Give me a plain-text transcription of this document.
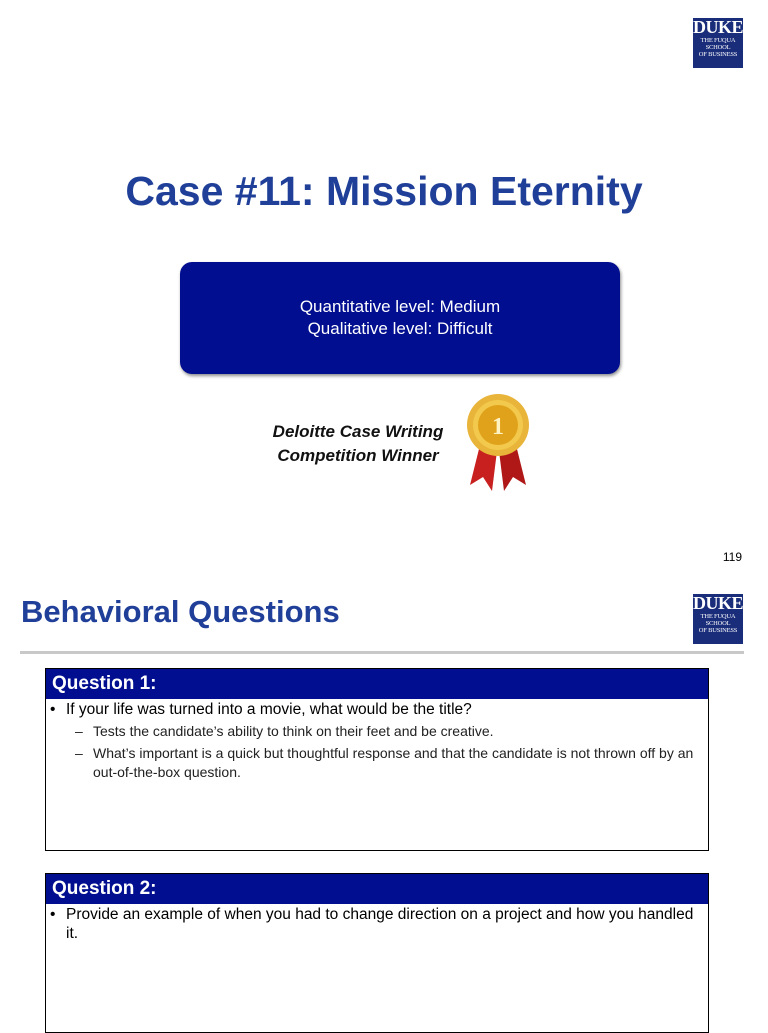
DUKE
THE FUQUA
SCHOOL
OF BUSINESS
Case #11: Mission Eternity
Quantitative level: Medium
Qualitative level: Difficult
Deloitte Case Writing
Competition Winner
1
119
Behavioral Questions	DUKE
THE FUQUA
SCHOOL
OF BUSINESS
Question 1:
• If your life was turned into a movie, what would be the title?
– Tests the candidate’s ability to think on their feet and be creative.
– What’s important is a quick but thoughtful response and that the candidate is not thrown off by an out-of-the-box question.
Question 2:
• Provide an example of when you had to change direction on a project and how you handled it.
